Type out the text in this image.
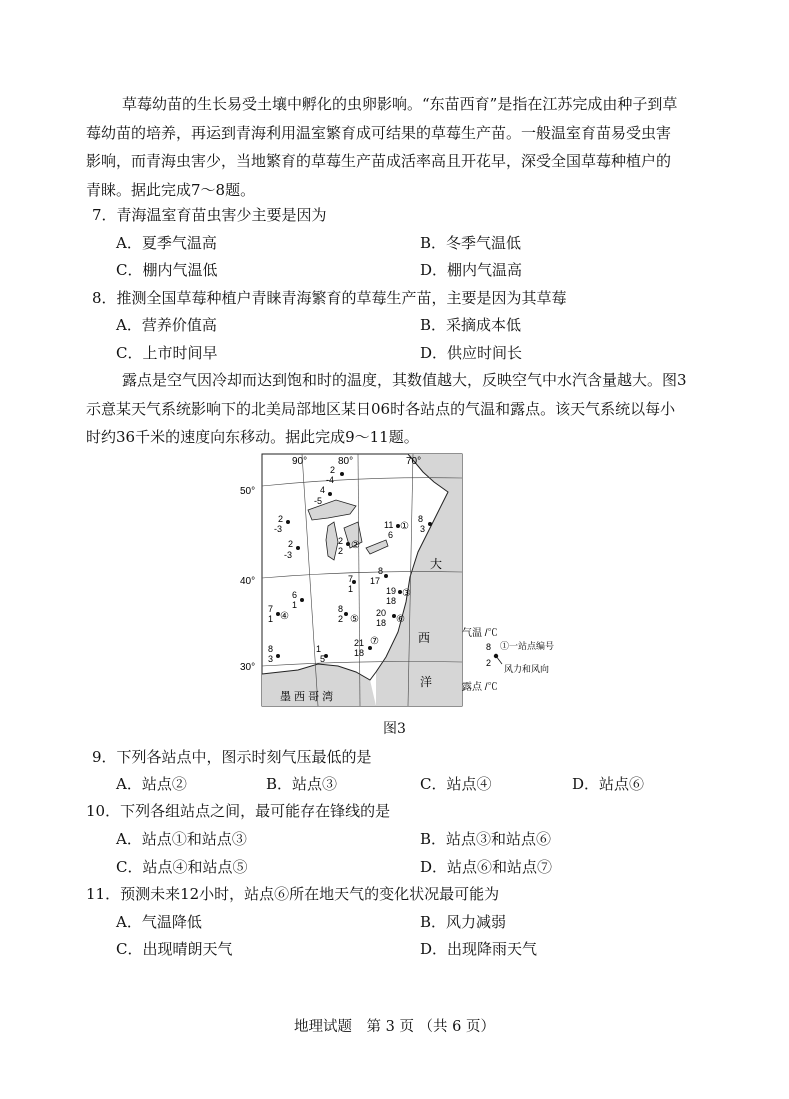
草莓幼苗的生长易受土壤中孵化的虫卵影响。“东苗西育”是指在江苏完成由种子到草
莓幼苗的培养，再运到青海利用温室繁育成可结果的草莓生产苗。一般温室育苗易受虫害
影响，而青海虫害少，当地繁育的草莓生产苗成活率高且开花早，深受全国草莓种植户的
青睐。据此完成7～8题。
7．青海温室育苗虫害少主要是因为
A．夏季气温高	B．冬季气温低
C．棚内气温低	D．棚内气温高
8．推测全国草莓种植户青睐青海繁育的草莓生产苗，主要是因为其草莓
A．营养价值高	B．采摘成本低
C．上市时间早	D．供应时间长
露点是空气因冷却而达到饱和时的温度，其数值越大，反映空气中水汽含量越大。图3
示意某天气系统影响下的北美局部地区某日06时各站点的气温和露点。该天气系统以每小
时约36千米的速度向东移动。据此完成9～11题。
90°	80°	70°
50°
40°
30°
大
西
洋
墨 西 哥 湾
2
-4
4
-5
2
-3
2
-3
2
2 ②
11
6
①
8
3
8
17
19
18
③
20
18 ⑥
7
1
6
1
7
1 ④
8
2 ⑤
21
18
⑦
1
5
8
3
气温 /℃
8 ①一站点编号
2
风力和风向
露点 /℃
图3
9．下列各站点中，图示时刻气压最低的是
A．站点②	B．站点③	C．站点④	D．站点⑥
10．下列各组站点之间，最可能存在锋线的是
A．站点①和站点③	B．站点③和站点⑥
C．站点④和站点⑤	D．站点⑥和站点⑦
11．预测未来12小时，站点⑥所在地天气的变化状况最可能为
A．气温降低	B．风力减弱
C．出现晴朗天气	D．出现降雨天气
地理试题　第 3 页 （共 6 页）
